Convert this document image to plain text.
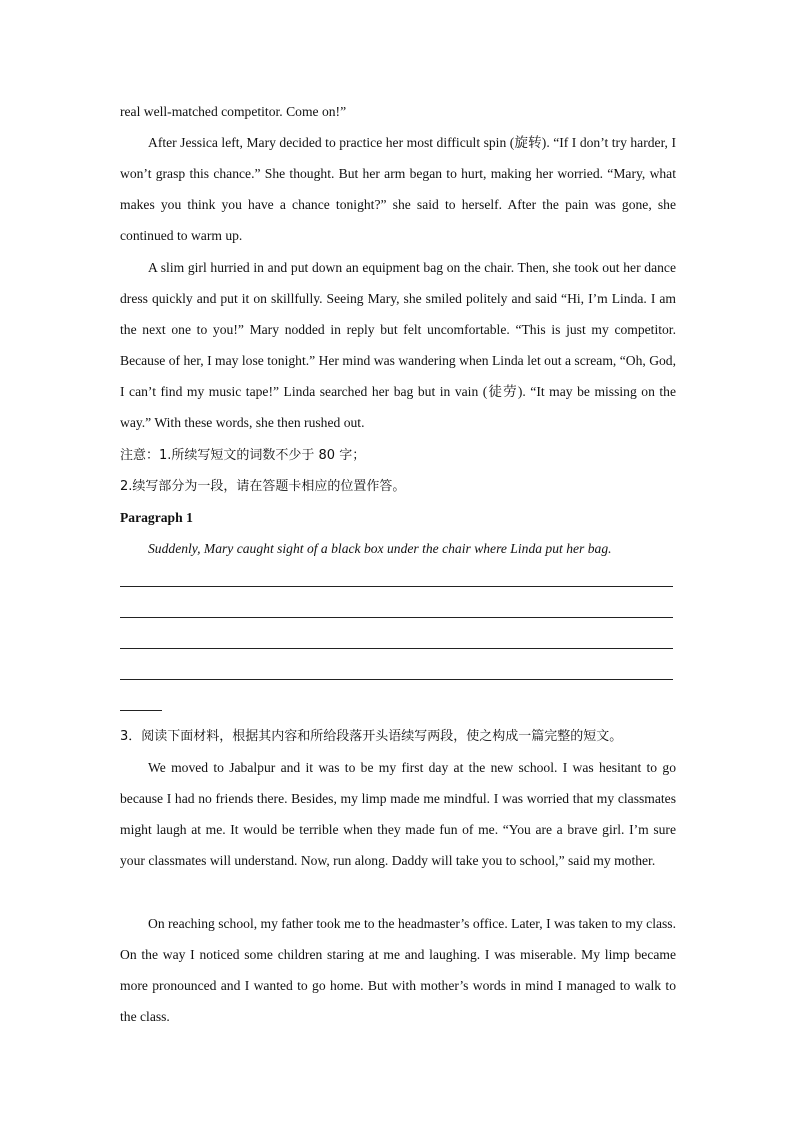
real well-matched competitor. Come on!”

After Jessica left, Mary decided to practice her most difficult spin (旋转). “If I don’t try harder, I won’t grasp this chance.” She thought. But her arm began to hurt, making her worried. “Mary, what makes you think you have a chance tonight?” she said to herself. After the pain was gone, she continued to warm up.

A slim girl hurried in and put down an equipment bag on the chair. Then, she took out her dance dress quickly and put it on skillfully. Seeing Mary, she smiled politely and said “Hi, I’m Linda. I am the next one to you!” Mary nodded in reply but felt uncomfortable. “This is just my competitor. Because of her, I may lose tonight.” Her mind was wandering when Linda let out a scream, “Oh, God, I can’t find my music tape!” Linda searched her bag but in vain (徒劳). “It may be missing on the way.” With these words, she then rushed out.

注意：1.所续写短文的词数不少于 80 字；

2.续写部分为一段，请在答题卡相应的位置作答。

Paragraph 1

Suddenly, Mary caught sight of a black box under the chair where Linda put her bag.

3．阅读下面材料，根据其内容和所给段落开头语续写两段，使之构成一篇完整的短文。

We moved to Jabalpur and it was to be my first day at the new school. I was hesitant to go because I had no friends there. Besides, my limp made me mindful. I was worried that my classmates might laugh at me. It would be terrible when they made fun of me. “You are a brave girl. I’m sure your classmates will understand. Now, run along. Daddy will take you to school,” said my mother.

On reaching school, my father took me to the headmaster’s office. Later, I was taken to my class. On the way I noticed some children staring at me and laughing. I was miserable. My limp became more pronounced and I wanted to go home. But with mother’s words in mind I managed to walk to the class.
